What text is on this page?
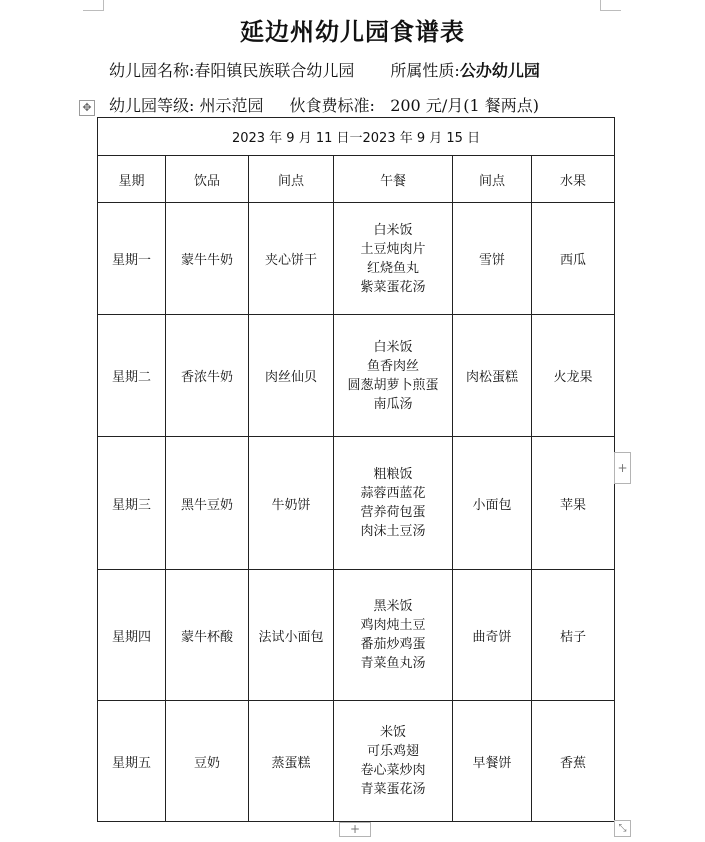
延边州幼儿园食谱表
幼儿园名称:春阳镇民族联合幼儿园 所属性质:公办幼儿园
幼儿园等级: 州示范园 伙食费标准: 200 元/月(1 餐两点)
✥
2023 年 9 月 11 日一2023 年 9 月 15 日					
星期	饮品	间点	午餐	间点	水果
星期一	蒙牛牛奶	夹心饼干	白米饭
土豆炖肉片
红烧鱼丸
紫菜蛋花汤	雪饼	西瓜
星期二	香浓牛奶	肉丝仙贝	白米饭
鱼香肉丝
圆葱胡萝卜煎蛋
南瓜汤	肉松蛋糕	火龙果
星期三	黑牛豆奶	牛奶饼	粗粮饭
蒜蓉西蓝花
营养荷包蛋
肉沫土豆汤	小面包	苹果
星期四	蒙牛杯酸	法试小面包	黑米饭
鸡肉炖土豆
番茄炒鸡蛋
青菜鱼丸汤	曲奇饼	桔子
星期五	豆奶	蒸蛋糕	米饭
可乐鸡翅
卷心菜炒肉
青菜蛋花汤	早餐饼	香蕉
+
+	⤡
